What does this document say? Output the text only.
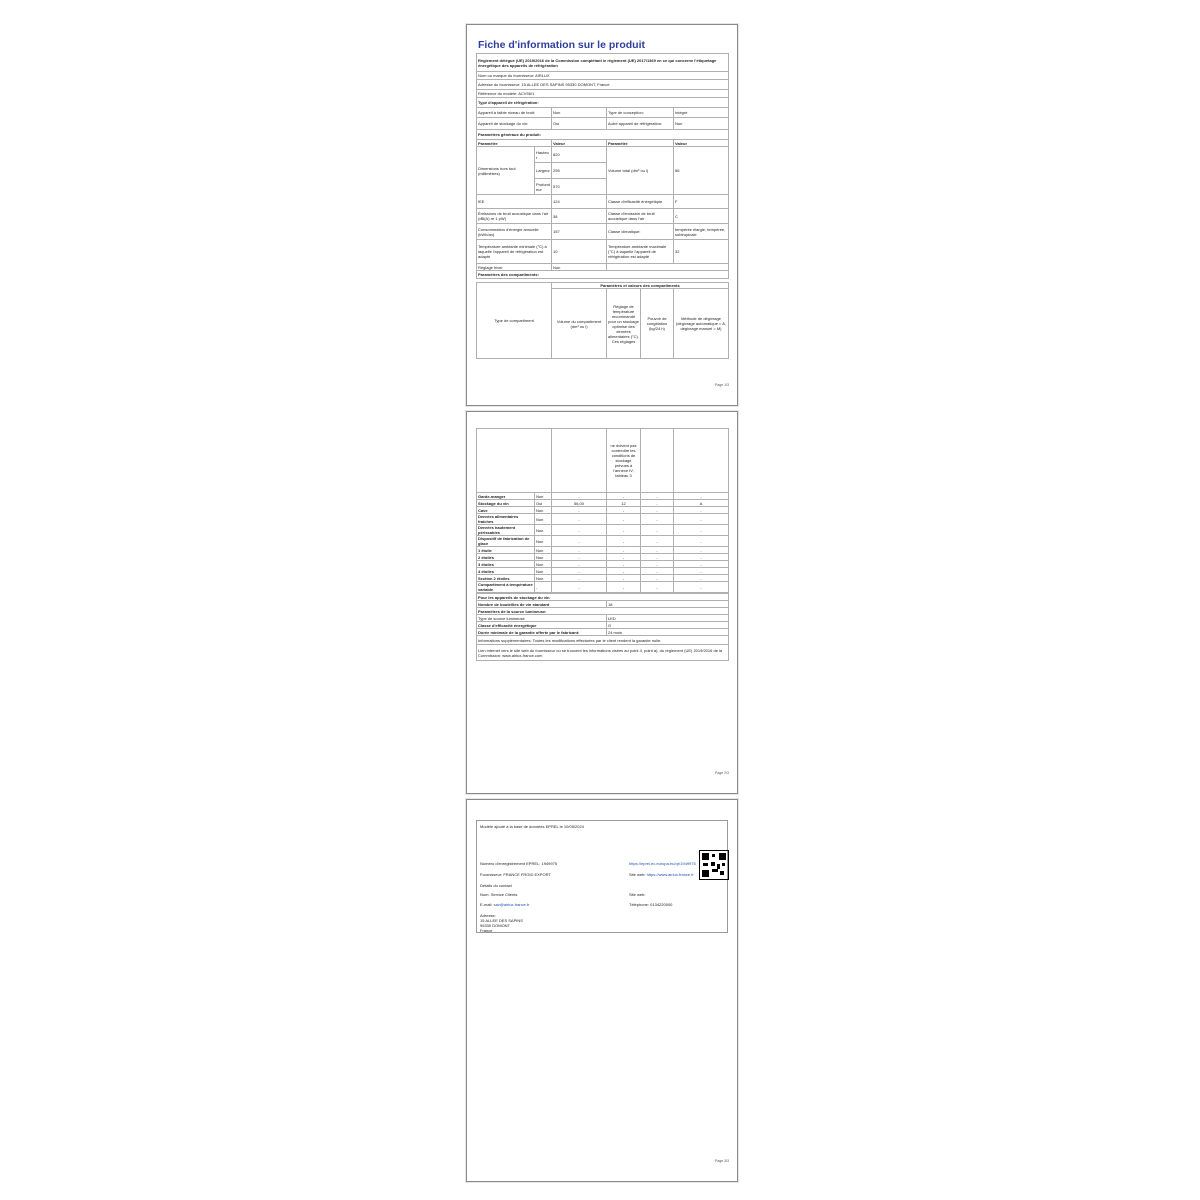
Fiche d'information sur le produit
Règlement délégué (UE) 2019/2016 de la Commission complétant le règlement (UE) 2017/1369 en ce qui concerne l'étiquetage énergétique des appareils de réfrigération				
Nom ou marque du fournisseur: AIRLUX				
Adresse du fournisseur: 15 ALLEE DES SAPINS 95330 DOMONT, France				
Référence du modèle: ACV56/1				
Type d'appareil de réfrigération:				
Appareil à faible niveau de bruit:		Non	Type de conception:	Intégré
Appareil de stockage du vin:		Oui	Autre appareil de réfrigération:	Non
Paramètres généraux du produit:				
Paramètre		Valeur	Paramètre	Valeur
Dimensions hors tout (millimètres)	Hauteur	820	Volume total (dm³ ou l)	56
	Largeur	295		
	Profondeur	570		
IEE		124	Classe d'efficacité énergétique	F
Émissions de bruit acoustique dans l'air (dB(A) re 1 pW)		38	Classe d'émission de bruit acoustique dans l'air	C
Consommation d'énergie annuelle (kWh/an)		157	Classe climatique:	tempérée élargie, tempérée, subtropicale
Température ambiante minimale (°C) à laquelle l'appareil de réfrigération est adapté		10	Température ambiante maximale (°C) à laquelle l'appareil de réfrigération est adapté	32
Réglage hiver		Non		
Paramètres des compartiments:				
Type de compartiment	Paramètres et valeurs des compartiments			
	Volume du compartiment (dm³ ou l)	Réglage de température recommandé pour un stockage optimisé des denrées alimentaires (°C). Ces réglages	Pouvoir de congélation (kg/24 h)	Méthode de dégivrage (dégivrage automatique = A, dégivrage manuel = M)
Page 1/3
			ne doivent pas contredire les conditions de stockage prévues à l'annexe IV, tableau 3		
Garde-manger	Non	-	-	-	-
Stockage du vin	Oui	56,00	12	-	A
Cave	Non	-	-	-	-
Denrées alimentaires fraîches	Non	-	-	-	-
Denrées hautement périssables	Non	-	-	-	-
Dispositif de fabrication de glace	Non	-	-	-	-
1 étoile	Non	-	-	-	-
2 étoiles	Non	-	-	-	-
3 étoiles	Non	-	-	-	-
4 étoiles	Non	-	-	-	-
Section 2 étoiles	Non	-	-	-	-
Compartiment à température variable	-	-	-	-	-
Pour les appareils de stockage du vin	
Nombre de bouteilles de vin standard	18
Paramètres de la source lumineuse:	
Type de source lumineuse	LED
Classe d'efficacité énergétique	G
Durée minimale de la garantie offerte par le fabricant:	24 mois
Informations supplémentaires: Toutes les modifications effectuées par le client rendent la garantie nulle.	
Lien internet vers le site web du fournisseur où se trouvent les informations visées au point 4, point a), du règlement (UE) 2019/2016 de la Commission: www.airlux-france.com	
Page 2/3
Modèle ajouté à la base de données EPREL le 10/05/2024
Numéro d'enregistrement EPREL: 1949975	https://eprel.ec.europa.eu/qr/1949975
Fournisseur: FRANCE FROID EXPORT	Site web: https://www.airlux-france.fr
Détails du contact
Nom: Service Clients	Site web:
E-mail: sav@airlux-france.fr	Téléphone: 0134220000
Adresse:
15 ALLEE DES SAPINS
95330 DOMONT
France
Page 3/3
